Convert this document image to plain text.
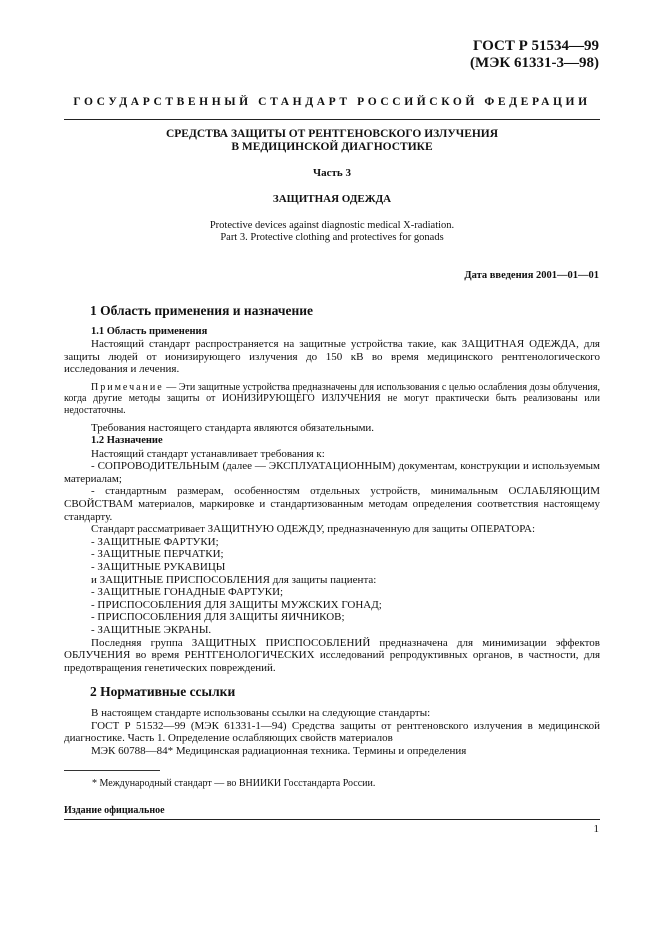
ГОСТ Р 51534—99
(МЭК 61331-3—98)
ГОСУДАРСТВЕННЫЙ СТАНДАРТ РОССИЙСКОЙ ФЕДЕРАЦИИ
СРЕДСТВА ЗАЩИТЫ ОТ РЕНТГЕНОВСКОГО ИЗЛУЧЕНИЯ
В МЕДИЦИНСКОЙ ДИАГНОСТИКЕ
Часть 3
ЗАЩИТНАЯ ОДЕЖДА
Protective devices against diagnostic medical X-radiation.
Part 3. Protective clothing and protectives for gonads
Дата введения 2001—01—01
1 Область применения и назначение
1.1 Область применения

Настоящий стандарт распространяется на защитные устройства такие, как ЗАЩИТНАЯ ОДЕЖДА, для защиты людей от ионизирующего излучения до 150 кВ во время медицинского рентгенологического исследования и лечения.

Примечание — Эти защитные устройства предназначены для использования с целью ослабления дозы облучения, когда другие методы защиты от ИОНИЗИРУЮЩЕГО ИЗЛУЧЕНИЯ не могут практически быть реализованы или недостаточны.

Требования настоящего стандарта являются обязательными.

1.2 Назначение

Настоящий стандарт устанавливает требования к:

- СОПРОВОДИТЕЛЬНЫМ (далее — ЭКСПЛУАТАЦИОННЫМ) документам, конструкции и используемым материалам;

- стандартным размерам, особенностям отдельных устройств, минимальным ОСЛАБЛЯЮЩИМ СВОЙСТВАМ материалов, маркировке и стандартизованным методам определения соответствия настоящему стандарту.

Стандарт рассматривает ЗАЩИТНУЮ ОДЕЖДУ, предназначенную для защиты ОПЕРАТОРА:

- ЗАЩИТНЫЕ ФАРТУКИ;

- ЗАЩИТНЫЕ ПЕРЧАТКИ;

- ЗАЩИТНЫЕ РУКАВИЦЫ

и ЗАЩИТНЫЕ ПРИСПОСОБЛЕНИЯ для защиты пациента:

- ЗАЩИТНЫЕ ГОНАДНЫЕ ФАРТУКИ;

- ПРИСПОСОБЛЕНИЯ ДЛЯ ЗАЩИТЫ МУЖСКИХ ГОНАД;

- ПРИСПОСОБЛЕНИЯ ДЛЯ ЗАЩИТЫ ЯИЧНИКОВ;

- ЗАЩИТНЫЕ ЭКРАНЫ.

Последняя группа ЗАЩИТНЫХ ПРИСПОСОБЛЕНИЙ предназначена для минимизации эффектов ОБЛУЧЕНИЯ во время РЕНТГЕНОЛОГИЧЕСКИХ исследований репродуктивных органов, в частности, для предотвращения генетических повреждений.

2 Нормативные ссылки

В настоящем стандарте использованы ссылки на следующие стандарты:

ГОСТ Р 51532—99 (МЭК 61331-1—94) Средства защиты от рентгеновского излучения в медицинской диагностике. Часть 1. Определение ослабляющих свойств материалов

МЭК 60788—84* Медицинская радиационная техника. Термины и определения

* Международный стандарт — во ВНИИКИ Госстандарта России.
Издание официальное
1
